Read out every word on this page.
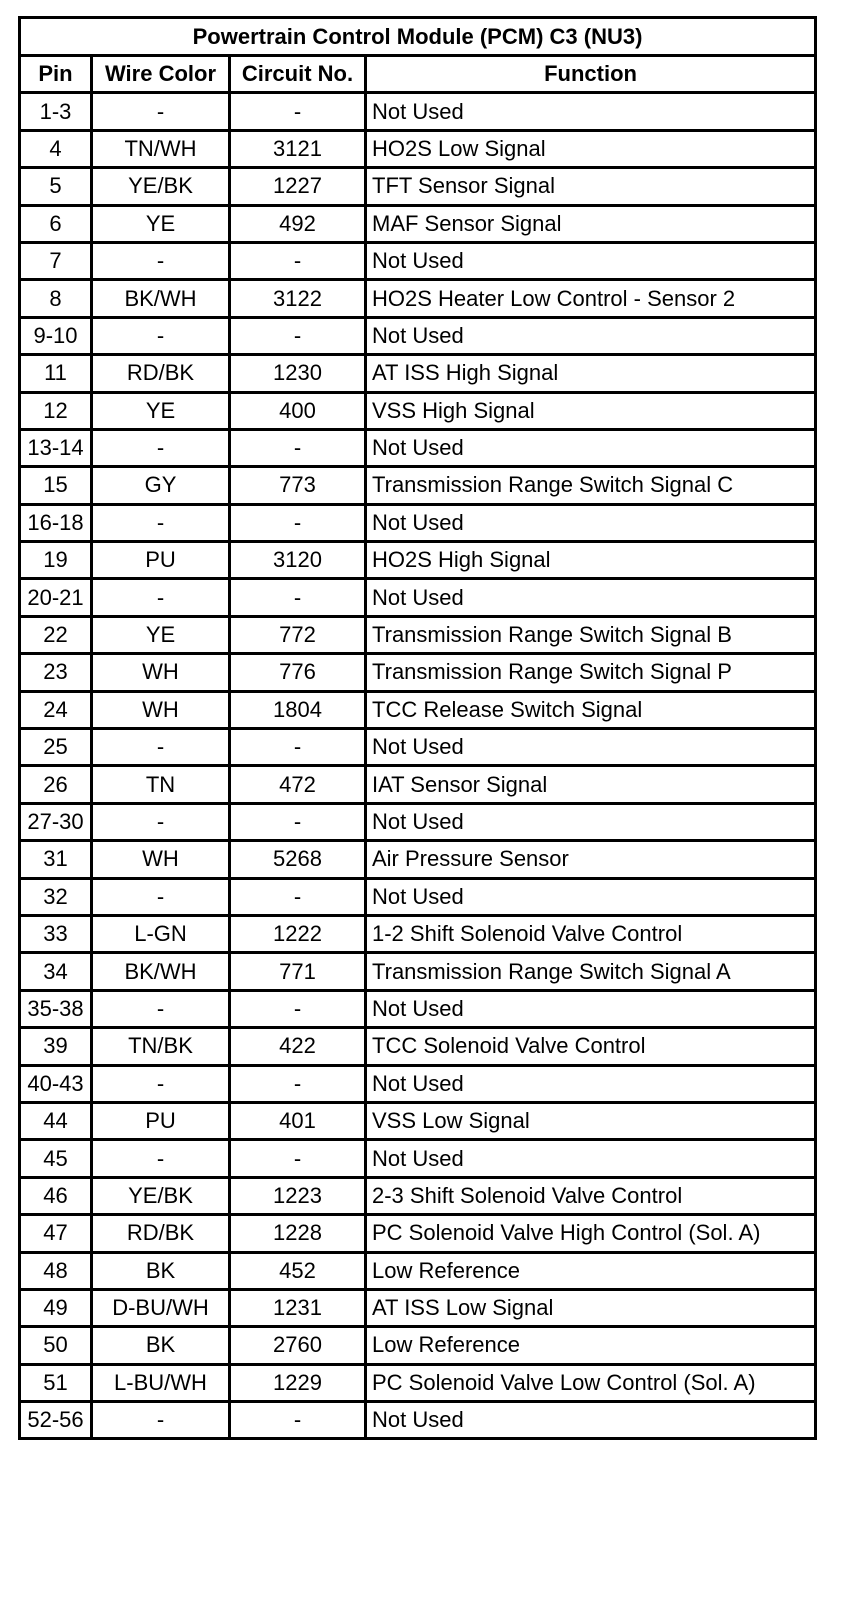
Powertrain Control Module (PCM) C3 (NU3)			
Pin	Wire Color	Circuit No.	Function
1-3	-	-	Not Used
4	TN/WH	3121	HO2S Low Signal
5	YE/BK	1227	TFT Sensor Signal
6	YE	492	MAF Sensor Signal
7	-	-	Not Used
8	BK/WH	3122	HO2S Heater Low Control - Sensor 2
9-10	-	-	Not Used
11	RD/BK	1230	AT ISS High Signal
12	YE	400	VSS High Signal
13-14	-	-	Not Used
15	GY	773	Transmission Range Switch Signal C
16-18	-	-	Not Used
19	PU	3120	HO2S High Signal
20-21	-	-	Not Used
22	YE	772	Transmission Range Switch Signal B
23	WH	776	Transmission Range Switch Signal P
24	WH	1804	TCC Release Switch Signal
25	-	-	Not Used
26	TN	472	IAT Sensor Signal
27-30	-	-	Not Used
31	WH	5268	Air Pressure Sensor
32	-	-	Not Used
33	L-GN	1222	1-2 Shift Solenoid Valve Control
34	BK/WH	771	Transmission Range Switch Signal A
35-38	-	-	Not Used
39	TN/BK	422	TCC Solenoid Valve Control
40-43	-	-	Not Used
44	PU	401	VSS Low Signal
45	-	-	Not Used
46	YE/BK	1223	2-3 Shift Solenoid Valve Control
47	RD/BK	1228	PC Solenoid Valve High Control (Sol. A)
48	BK	452	Low Reference
49	D-BU/WH	1231	AT ISS Low Signal
50	BK	2760	Low Reference
51	L-BU/WH	1229	PC Solenoid Valve Low Control (Sol. A)
52-56	-	-	Not Used
